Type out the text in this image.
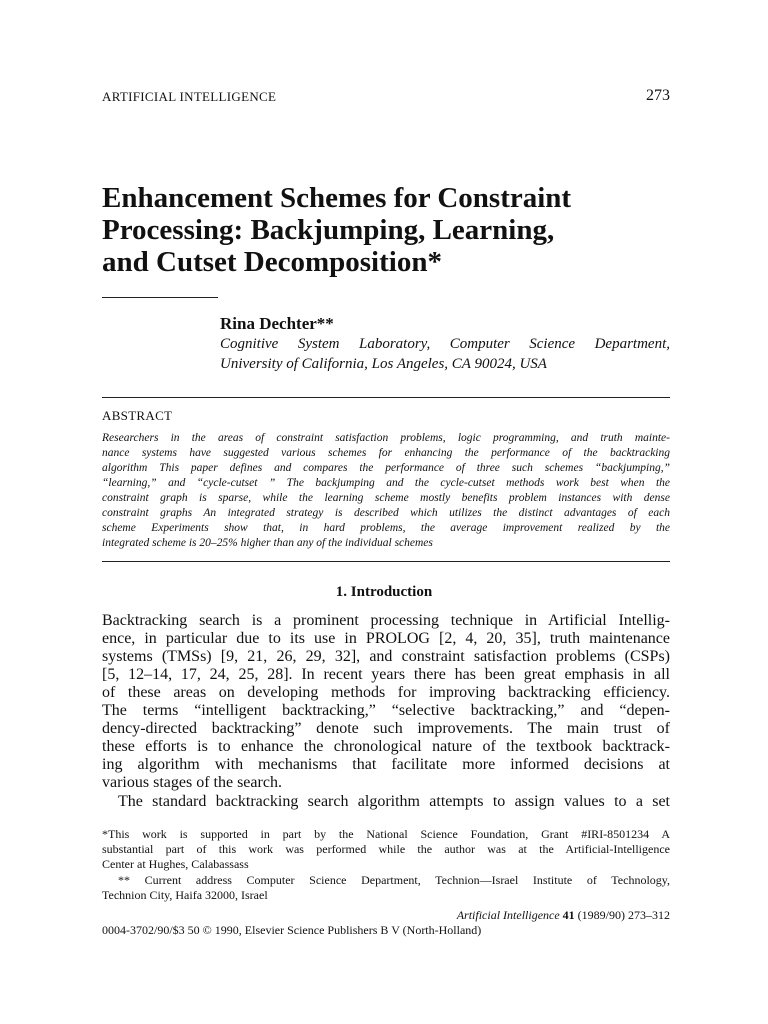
ARTIFICIAL INTELLIGENCE	273
Enhancement Schemes for Constraint
Processing: Backjumping, Learning,
and Cutset Decomposition*
Rina Dechter**
Cognitive System Laboratory, Computer Science Department,
University of California, Los Angeles, CA 90024, USA
ABSTRACT
Researchers in the areas of constraint satisfaction problems, logic programming, and truth mainte-
nance systems have suggested various schemes for enhancing the performance of the backtracking
algorithm This paper defines and compares the performance of three such schemes “backjumping,”
“learning,” and “cycle-cutset ” The backjumping and the cycle-cutset methods work best when the
constraint graph is sparse, while the learning scheme mostly benefits problem instances with dense
constraint graphs An integrated strategy is described which utilizes the distinct advantages of each
scheme Experiments show that, in hard problems, the average improvement realized by the
integrated scheme is 20–25% higher than any of the individual schemes
1. Introduction
Backtracking search is a prominent processing technique in Artificial Intellig-
ence, in particular due to its use in PROLOG [2, 4, 20, 35], truth maintenance
systems (TMSs) [9, 21, 26, 29, 32], and constraint satisfaction problems (CSPs)
[5, 12–14, 17, 24, 25, 28]. In recent years there has been great emphasis in all
of these areas on developing methods for improving backtracking efficiency.
The terms “intelligent backtracking,” “selective backtracking,” and “depen-
dency-directed backtracking” denote such improvements. The main trust of
these efforts is to enhance the chronological nature of the textbook backtrack-
ing algorithm with mechanisms that facilitate more informed decisions at
various stages of the search.
The standard backtracking search algorithm attempts to assign values to a set
*This work is supported in part by the National Science Foundation, Grant #IRI-8501234 A
substantial part of this work was performed while the author was at the Artificial-Intelligence
Center at Hughes, Calabassass
** Current address Computer Science Department, Technion—Israel Institute of Technology,
Technion City, Haifa 32000, Israel
Artificial Intelligence 41 (1989/90) 273–312
0004-3702/90/$3 50 © 1990, Elsevier Science Publishers B V (North-Holland)
